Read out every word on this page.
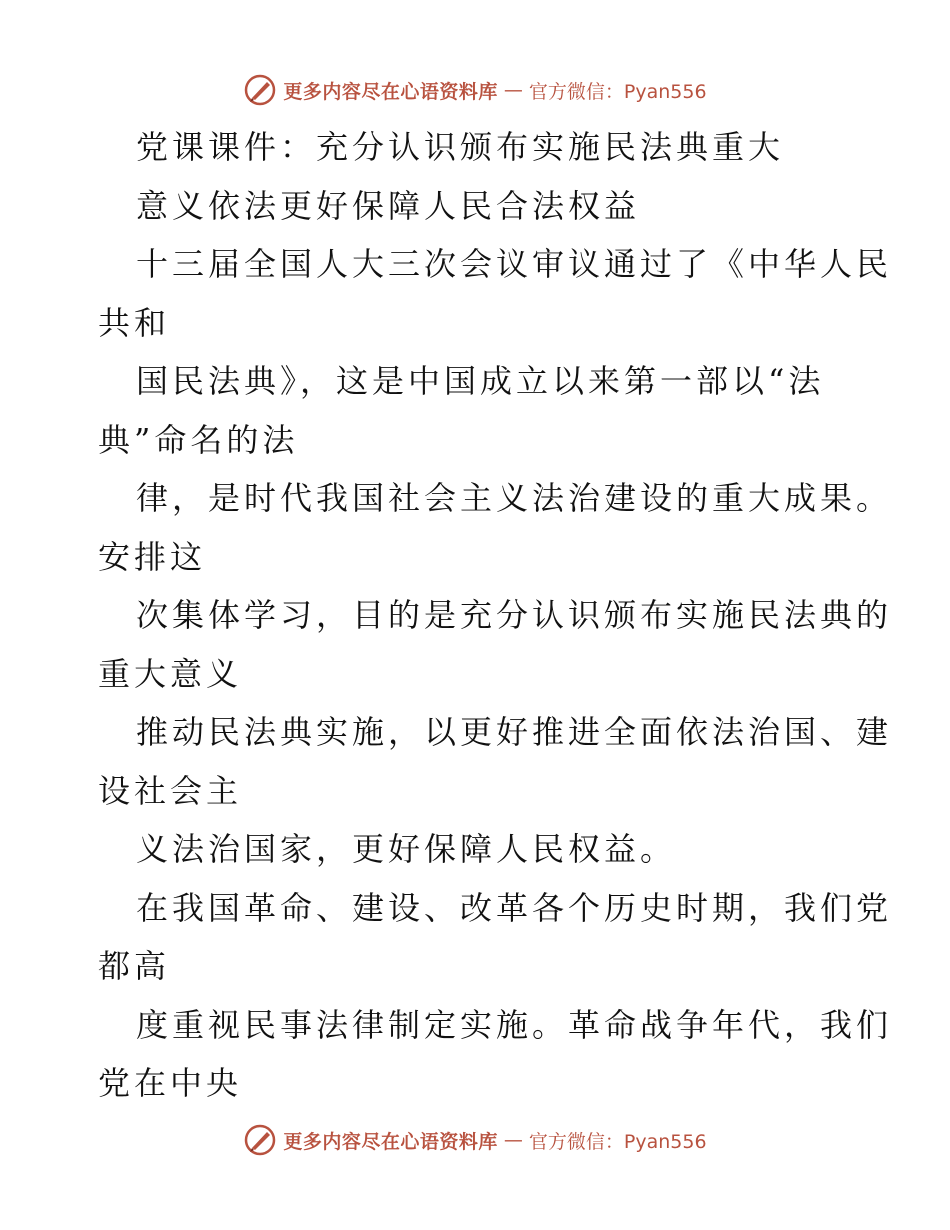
更多内容尽在心语资料库 — 官方微信：Pyan556
党课课件：充分认识颁布实施民法典重大
意义依法更好保障人民合法权益
十三届全国人大三次会议审议通过了《中华人民
共和
国民法典》，这是中国成立以来第一部以“法
典”命名的法
律，是时代我国社会主义法治建设的重大成果。
安排这
次集体学习，目的是充分认识颁布实施民法典的
重大意义
推动民法典实施，以更好推进全面依法治国、建
设社会主
义法治国家，更好保障人民权益。
在我国革命、建设、改革各个历史时期，我们党
都高
度重视民事法律制定实施。革命战争年代，我们
党在中央
更多内容尽在心语资料库 — 官方微信：Pyan556
